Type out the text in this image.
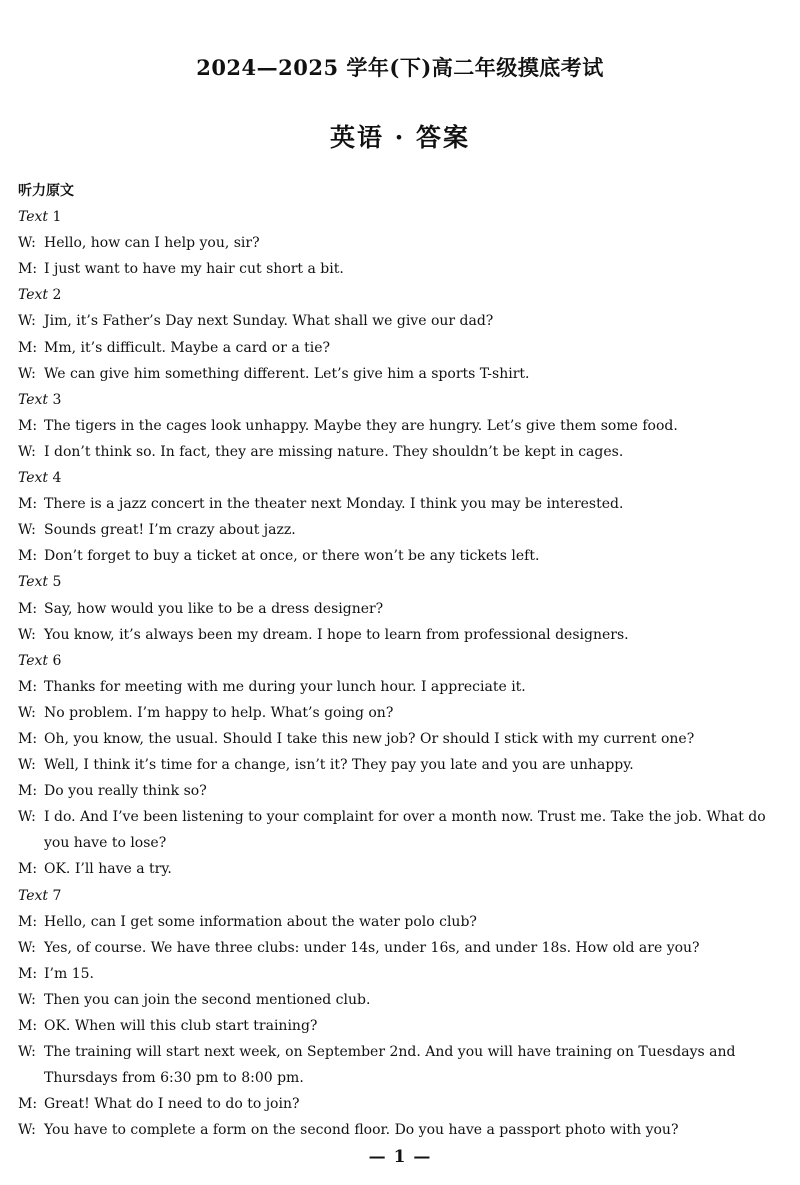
2024—2025 学年(下)高二年级摸底考试
英语 · 答案
听力原文
Text 1
W: Hello, how can I help you, sir?
M: I just want to have my hair cut short a bit.
Text 2
W: Jim, it’s Father’s Day next Sunday. What shall we give our dad?
M: Mm, it’s difficult. Maybe a card or a tie?
W: We can give him something different. Let’s give him a sports T-shirt.
Text 3
M: The tigers in the cages look unhappy. Maybe they are hungry. Let’s give them some food.
W: I don’t think so. In fact, they are missing nature. They shouldn’t be kept in cages.
Text 4
M: There is a jazz concert in the theater next Monday. I think you may be interested.
W: Sounds great! I’m crazy about jazz.
M: Don’t forget to buy a ticket at once, or there won’t be any tickets left.
Text 5
M: Say, how would you like to be a dress designer?
W: You know, it’s always been my dream. I hope to learn from professional designers.
Text 6
M: Thanks for meeting with me during your lunch hour. I appreciate it.
W: No problem. I’m happy to help. What’s going on?
M: Oh, you know, the usual. Should I take this new job? Or should I stick with my current one?
W: Well, I think it’s time for a change, isn’t it? They pay you late and you are unhappy.
M: Do you really think so?
W: I do. And I’ve been listening to your complaint for over a month now. Trust me. Take the job. What do you have to lose?
M: OK. I’ll have a try.
Text 7
M: Hello, can I get some information about the water polo club?
W: Yes, of course. We have three clubs: under 14s, under 16s, and under 18s. How old are you?
M: I’m 15.
W: Then you can join the second mentioned club.
M: OK. When will this club start training?
W: The training will start next week, on September 2nd. And you will have training on Tuesdays and Thursdays from 6:30 pm to 8:00 pm.
M: Great! What do I need to do to join?
W: You have to complete a form on the second floor. Do you have a passport photo with you?
— 1 —
